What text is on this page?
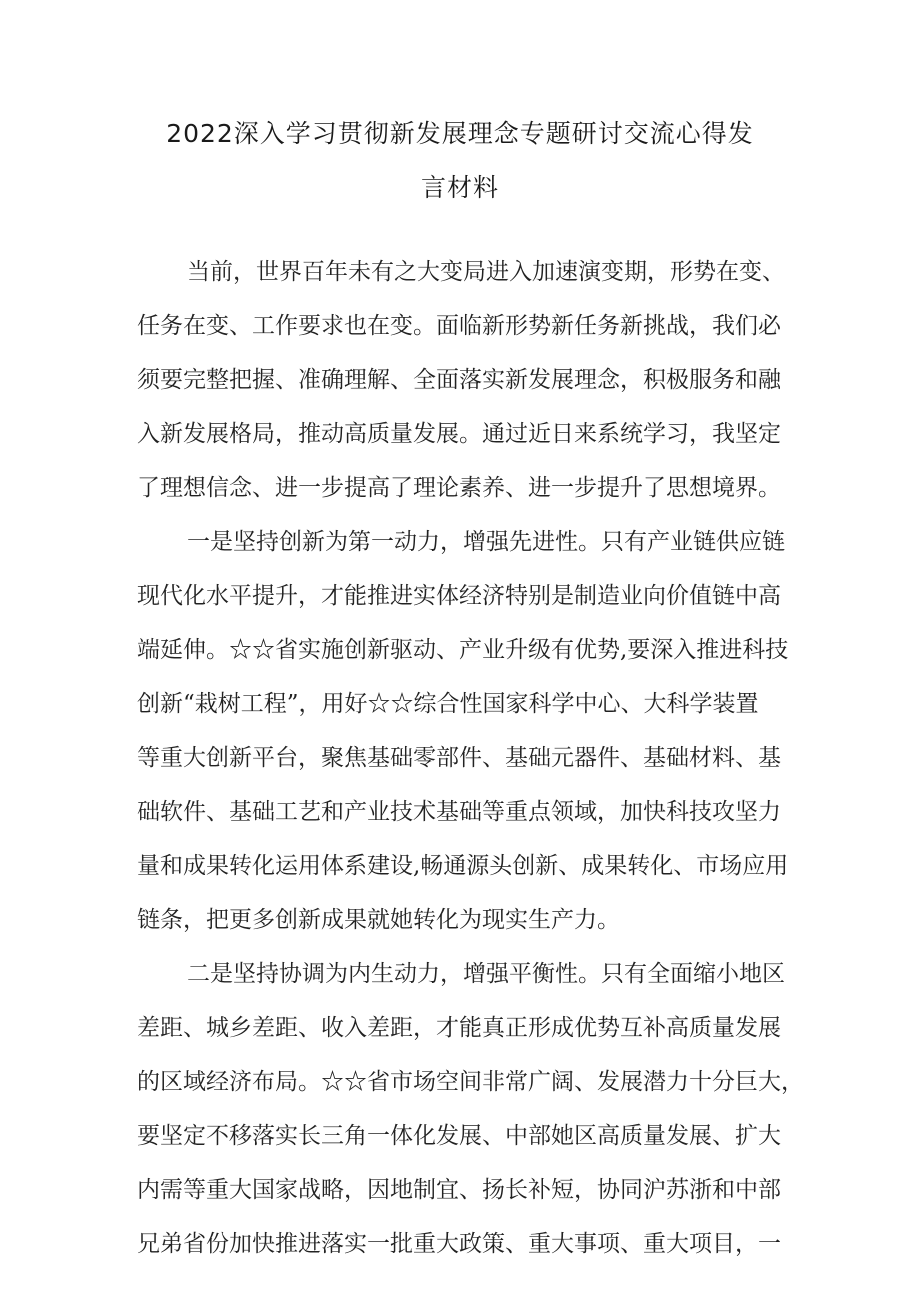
2022深入学习贯彻新发展理念专题研讨交流心得发
言材料
当前，世界百年未有之大变局进入加速演变期，形势在变、
任务在变、工作要求也在变。面临新形势新任务新挑战，我们必
须要完整把握、准确理解、全面落实新发展理念，积极服务和融
入新发展格局，推动高质量发展。通过近日来系统学习，我坚定
了理想信念、进一步提高了理论素养、进一步提升了思想境界。
一是坚持创新为第一动力，增强先进性。只有产业链供应链
现代化水平提升，才能推进实体经济特别是制造业向价值链中高
端延伸。☆☆省实施创新驱动、产业升级有优势,要深入推进科技
创新“栽树工程”，用好☆☆综合性国家科学中心、大科学装置
等重大创新平台，聚焦基础零部件、基础元器件、基础材料、基
础软件、基础工艺和产业技术基础等重点领域，加快科技攻坚力
量和成果转化运用体系建设,畅通源头创新、成果转化、市场应用
链条，把更多创新成果就她转化为现实生产力。
二是坚持协调为内生动力，增强平衡性。只有全面缩小地区
差距、城乡差距、收入差距，才能真正形成优势互补高质量发展
的区域经济布局。☆☆省市场空间非常广阔、发展潜力十分巨大，
要坚定不移落实长三角一体化发展、中部她区高质量发展、扩大
内需等重大国家战略，因地制宜、扬长补短，协同沪苏浙和中部
兄弟省份加快推进落实一批重大政策、重大事项、重大项目，一
